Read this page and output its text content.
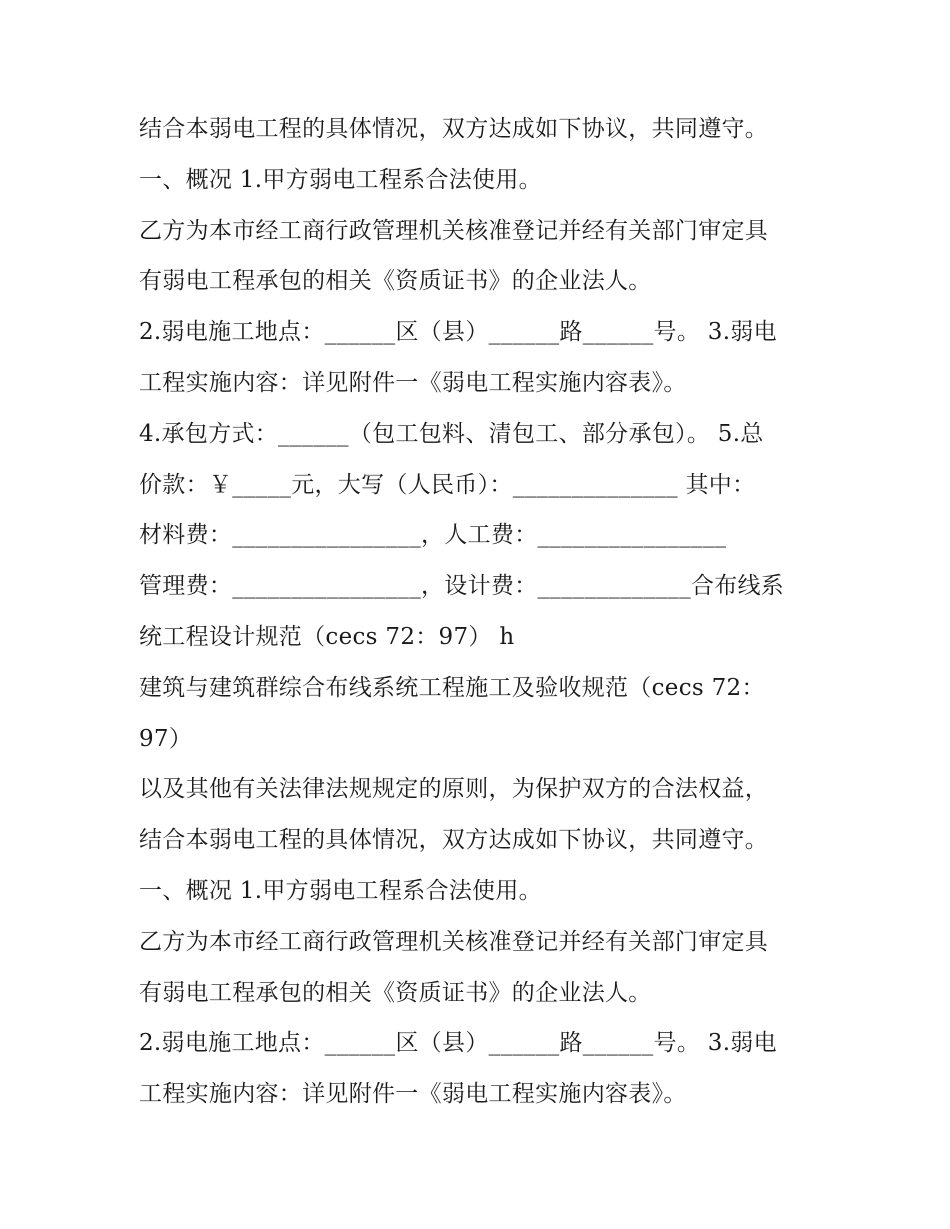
结合本弱电工程的具体情况，双方达成如下协议，共同遵守。
一、概况 1.甲方弱电工程系合法使用。
乙方为本市经工商行政管理机关核准登记并经有关部门审定具
有弱电工程承包的相关《资质证书》的企业法人。
2.弱电施工地点：______区（县）______路______号。 3.弱电
工程实施内容：详见附件一《弱电工程实施内容表》。
4.承包方式：______（包工包料、清包工、部分承包）。 5.总
价款：￥_____元，大写（人民币）：______________ 其中：
材料费：________________，人工费：________________
管理费：________________，设计费：_____________合布线系
统工程设计规范（cecs 72：97） h
建筑与建筑群综合布线系统工程施工及验收规范（cecs 72：
97）
以及其他有关法律法规规定的原则，为保护双方的合法权益，
结合本弱电工程的具体情况，双方达成如下协议，共同遵守。
一、概况 1.甲方弱电工程系合法使用。
乙方为本市经工商行政管理机关核准登记并经有关部门审定具
有弱电工程承包的相关《资质证书》的企业法人。
2.弱电施工地点：______区（县）______路______号。 3.弱电
工程实施内容：详见附件一《弱电工程实施内容表》。
